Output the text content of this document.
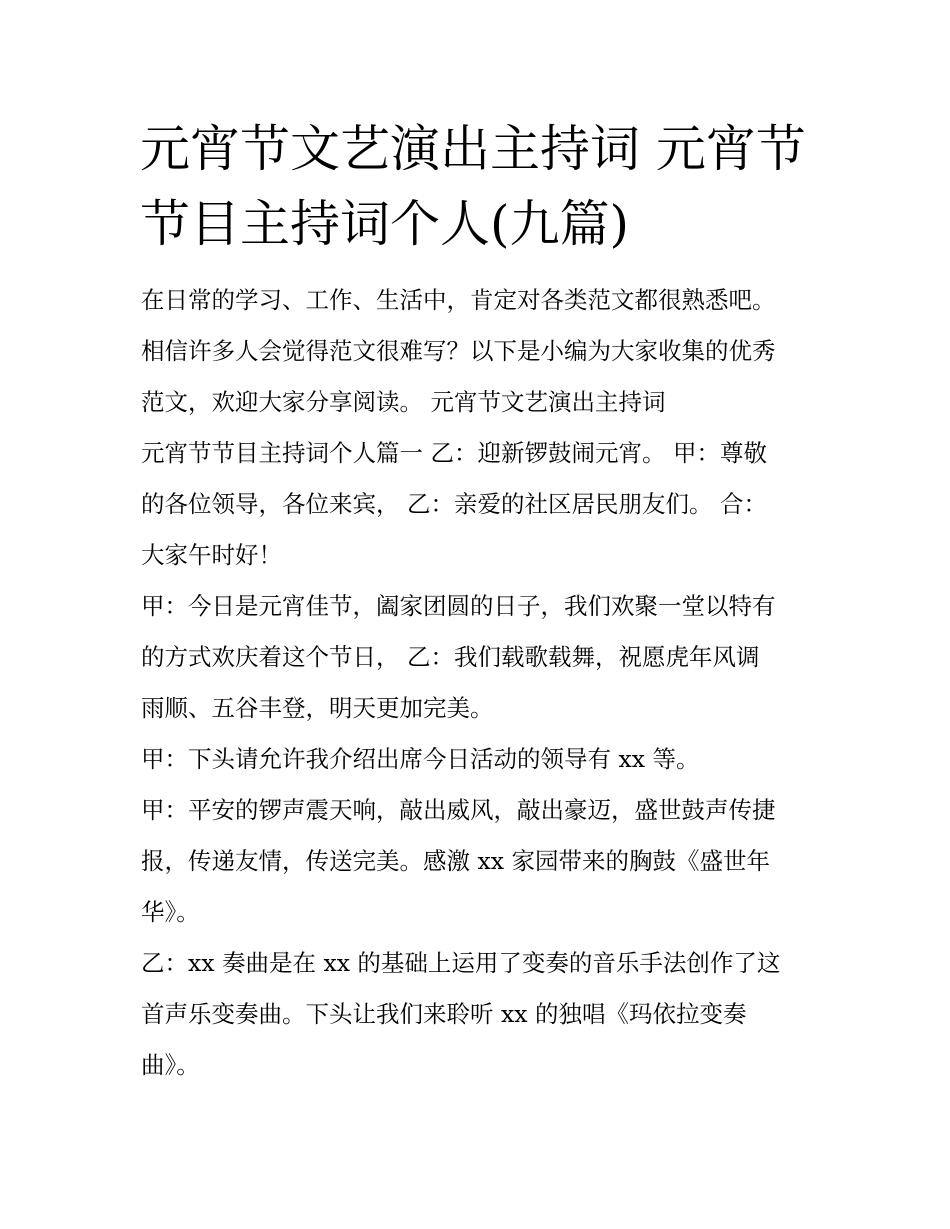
元宵节文艺演出主持词 元宵节
节目主持词个人(九篇)

在日常的学习、工作、生活中，肯定对各类范文都很熟悉吧。

相信许多人会觉得范文很难写？以下是小编为大家收集的优秀

范文，欢迎大家分享阅读。 元宵节文艺演出主持词

元宵节节目主持词个人篇一 乙：迎新锣鼓闹元宵。 甲：尊敬

的各位领导，各位来宾， 乙：亲爱的社区居民朋友们。 合：

大家午时好！

甲：今日是元宵佳节，阖家团圆的日子，我们欢聚一堂以特有

的方式欢庆着这个节日， 乙：我们载歌载舞，祝愿虎年风调

雨顺、五谷丰登，明天更加完美。

甲：下头请允许我介绍出席今日活动的领导有 xx 等。

甲：平安的锣声震天响，敲出威风，敲出豪迈，盛世鼓声传捷

报，传递友情，传送完美。感激 xx 家园带来的胸鼓《盛世年

华》。

乙：xx 奏曲是在 xx 的基础上运用了变奏的音乐手法创作了这

首声乐变奏曲。下头让我们来聆听 xx 的独唱《玛依拉变奏

曲》。
